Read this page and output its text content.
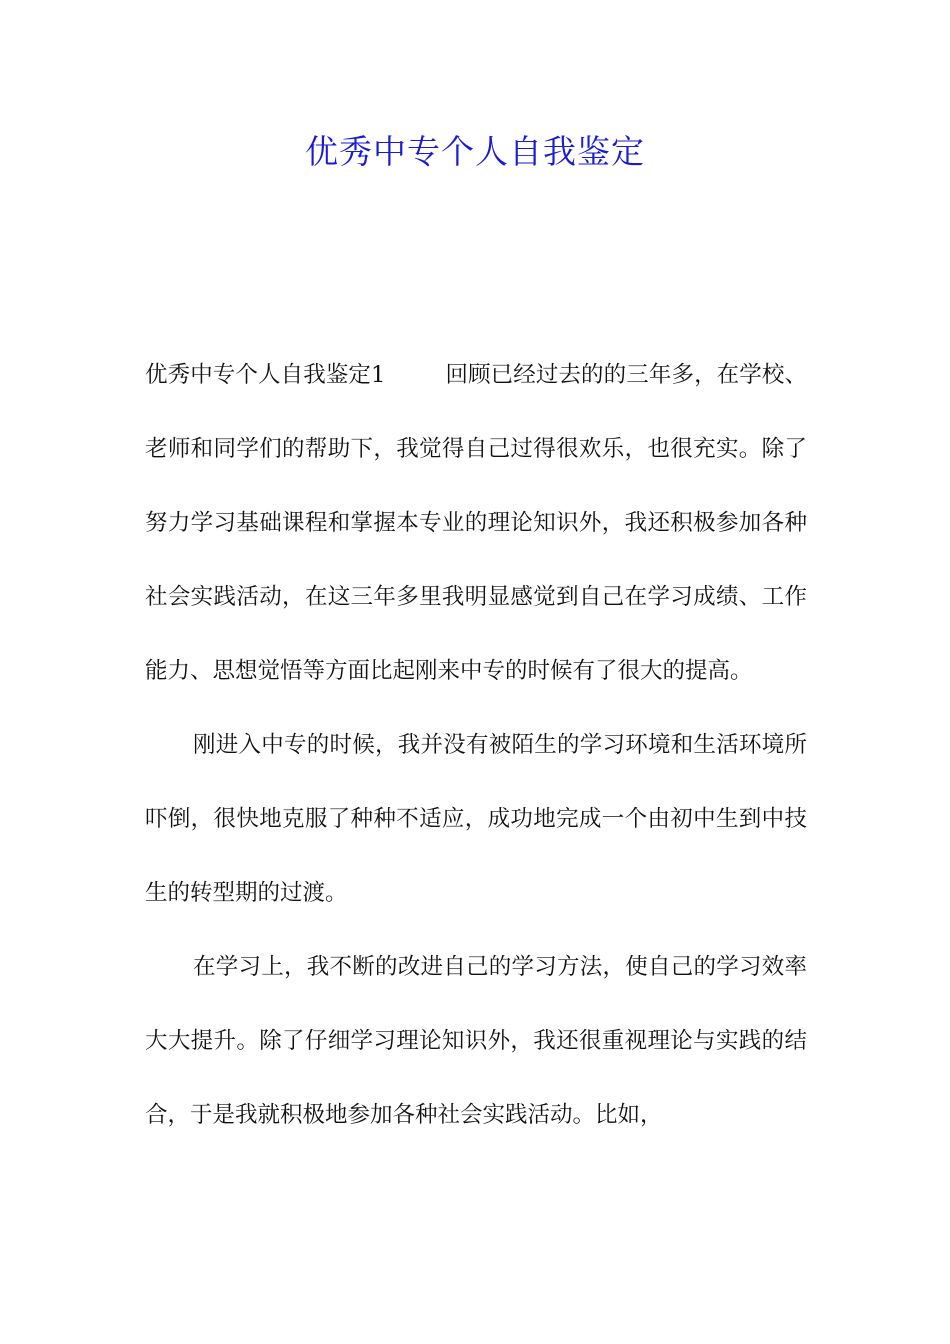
优秀中专个人自我鉴定

优秀中专个人自我鉴定1	回顾已经过去的的三年多，在学校、老师和同学们的帮助下，我觉得自己过得很欢乐，也很充实。除了努力学习基础课程和掌握本专业的理论知识外，我还积极参加各种社会实践活动，在这三年多里我明显感觉到自己在学习成绩、工作能力、思想觉悟等方面比起刚来中专的时候有了很大的提高。

刚进入中专的时候，我并没有被陌生的学习环境和生活环境所吓倒，很快地克服了种种不适应，成功地完成一个由初中生到中技生的转型期的过渡。

在学习上，我不断的改进自己的学习方法，使自己的学习效率大大提升。除了仔细学习理论知识外，我还很重视理论与实践的结合，于是我就积极地参加各种社会实践活动。比如，
